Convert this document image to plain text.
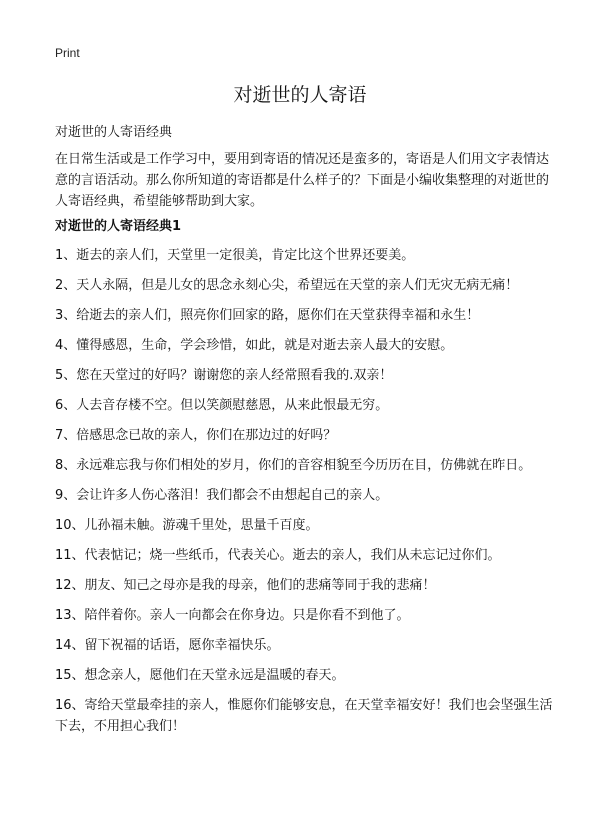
Print
对逝世的人寄语

对逝世的人寄语经典

在日常生活或是工作学习中，要用到寄语的情况还是蛮多的，寄语是人们用文字表情达意的言语活动。那么你所知道的寄语都是什么样子的？下面是小编收集整理的对逝世的人寄语经典，希望能够帮助到大家。

对逝世的人寄语经典1
1、逝去的亲人们，天堂里一定很美，肯定比这个世界还要美。
2、天人永隔，但是儿女的思念永刻心尖，希望远在天堂的亲人们无灾无病无痛！
3、给逝去的亲人们，照亮你们回家的路，愿你们在天堂获得幸福和永生！
4、懂得感恩，生命，学会珍惜，如此，就是对逝去亲人最大的安慰。
5、您在天堂过的好吗？谢谢您的亲人经常照看我的.双亲！
6、人去音存楼不空。但以笑颜慰慈恩，从来此恨最无穷。
7、倍感思念已故的亲人，你们在那边过的好吗？
8、永远难忘我与你们相处的岁月，你们的音容相貌至今历历在目，仿佛就在昨日。
9、会让许多人伤心落泪！我们都会不由想起自己的亲人。
10、儿孙福未触。游魂千里处，思量千百度。
11、代表惦记；烧一些纸币，代表关心。逝去的亲人，我们从未忘记过你们。
12、朋友、知己之母亦是我的母亲，他们的悲痛等同于我的悲痛！
13、陪伴着你。亲人一向都会在你身边。只是你看不到他了。
14、留下祝福的话语，愿你幸福快乐。
15、想念亲人，愿他们在天堂永远是温暖的春天。
16、寄给天堂最牵挂的亲人，惟愿你们能够安息，在天堂幸福安好！我们也会坚强生活下去，不用担心我们！
